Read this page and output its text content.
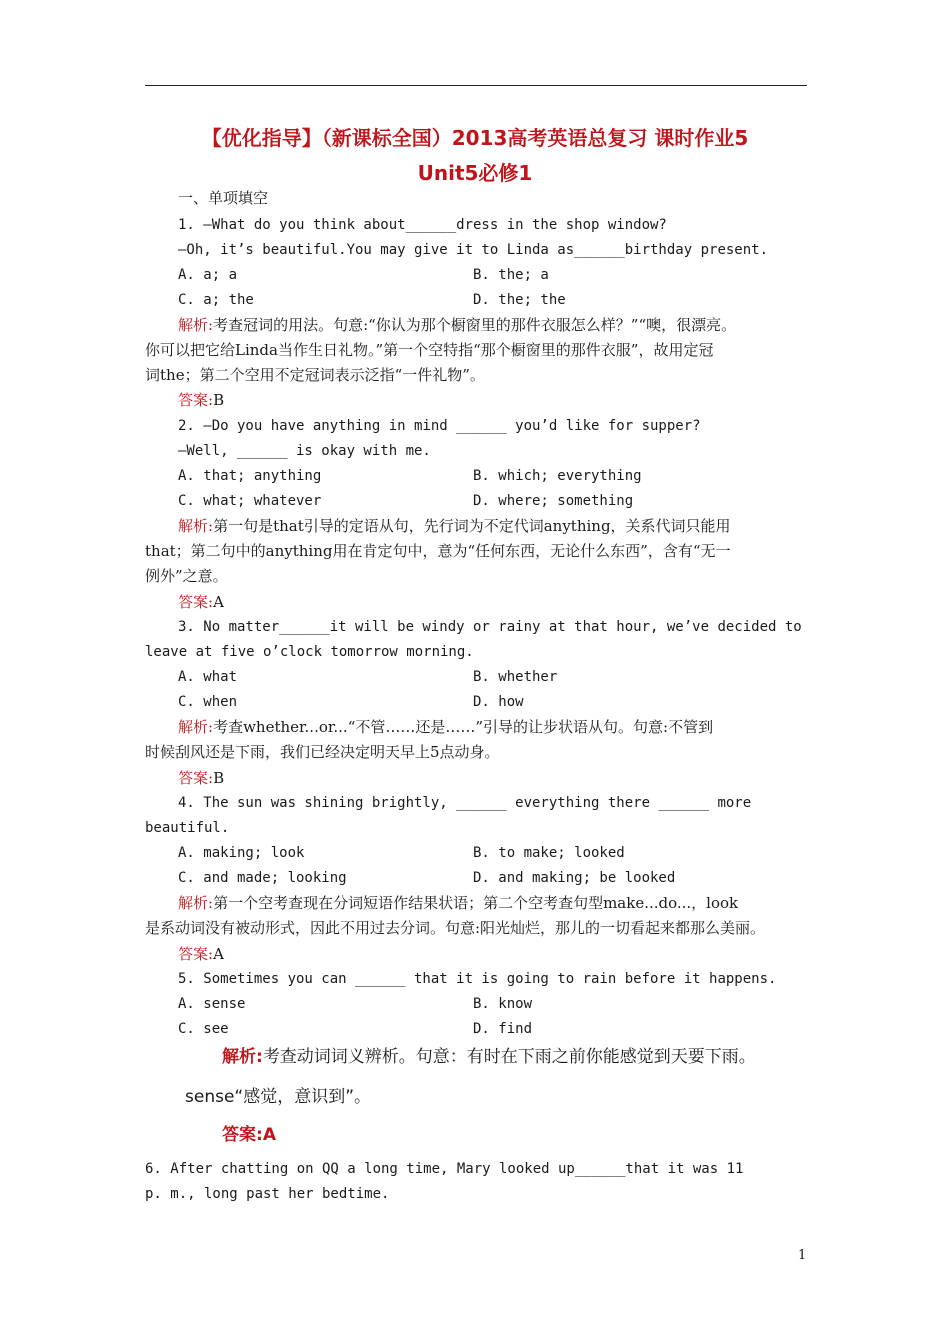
【优化指导】（新课标全国）2013高考英语总复习 课时作业5
Unit5必修1
一、单项填空
1. —What do you think about______dress in the shop window?
—Oh, it’s beautiful.You may give it to Linda as______birthday present.
A. a; a	B. the; a
C. a; the	D. the; the
解析:考查冠词的用法。句意:“你认为那个橱窗里的那件衣服怎么样？”“噢，很漂亮。
你可以把它给Linda当作生日礼物。”第一个空特指“那个橱窗里的那件衣服”，故用定冠
词the；第二个空用不定冠词表示泛指“一件礼物”。
答案:B
2. —Do you have anything in mind ______ you’d like for supper?
—Well, ______ is okay with me.
A. that; anything	B. which; everything
C. what; whatever	D. where; something
解析:第一句是that引导的定语从句，先行词为不定代词anything，关系代词只能用
that；第二句中的anything用在肯定句中，意为“任何东西，无论什么东西”，含有“无一
例外”之意。
答案:A
3. No matter______it will be windy or rainy at that hour, we’ve decided to
leave at five o’clock tomorrow morning.
A. what	B. whether
C. when	D. how
解析:考查whether...or...“不管……还是……”引导的让步状语从句。句意:不管到
时候刮风还是下雨，我们已经决定明天早上5点动身。
答案:B
4. The sun was shining brightly, ______ everything there ______ more
beautiful.
A. making; look	B. to make; looked
C. and made; looking	D. and making; be looked
解析:第一个空考查现在分词短语作结果状语；第二个空考查句型make...do...，look
是系动词没有被动形式，因此不用过去分词。句意:阳光灿烂，那儿的一切看起来都那么美丽。
答案:A
5. Sometimes you can ______ that it is going to rain before it happens.
A. sense	B. know
C. see	D. find
解析:考查动词词义辨析。句意：有时在下雨之前你能感觉到天要下雨。
sense“感觉，意识到”。
答案:A
6. After chatting on QQ a long time, Mary looked up______that it was 11
p. m., long past her bedtime.
1
